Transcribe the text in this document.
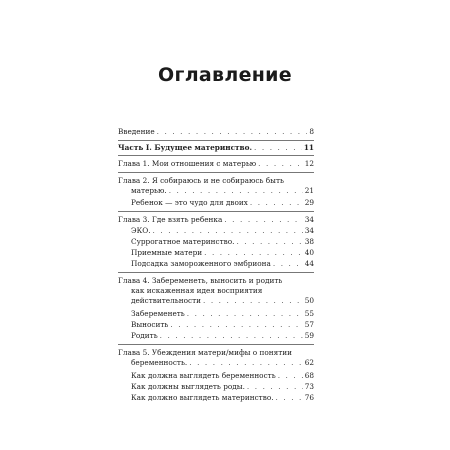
Оглавление
Введение . . .	8
Часть I. Будущее материнство. . . .	11
Глава 1. Мои отношения с матерью . . .	12
Глава 2. Я собираюсь и не собираюсь быть
матерью. . . .	21
Ребенок — это чудо для двоих . . .	29
Глава 3. Где взять ребенка . . .	34
ЭКО. . . .	34
Суррогатное материнство. . . .	38
Приемные матери . . .	40
Подсадка замороженного эмбриона . . .	44
Глава 4. Забеременеть, выносить и родить
как искаженная идея восприятия
действительности . . .	50
Забеременеть . . .	55
Выносить . . .	57
Родить . . .	59
Глава 5. Убеждения матери/мифы о понятии
беременность. . . .	62
Как должна выглядеть беременность . . .	68
Как должны выглядеть роды. . . .	73
Как должно выглядеть материнство. . . .	76
